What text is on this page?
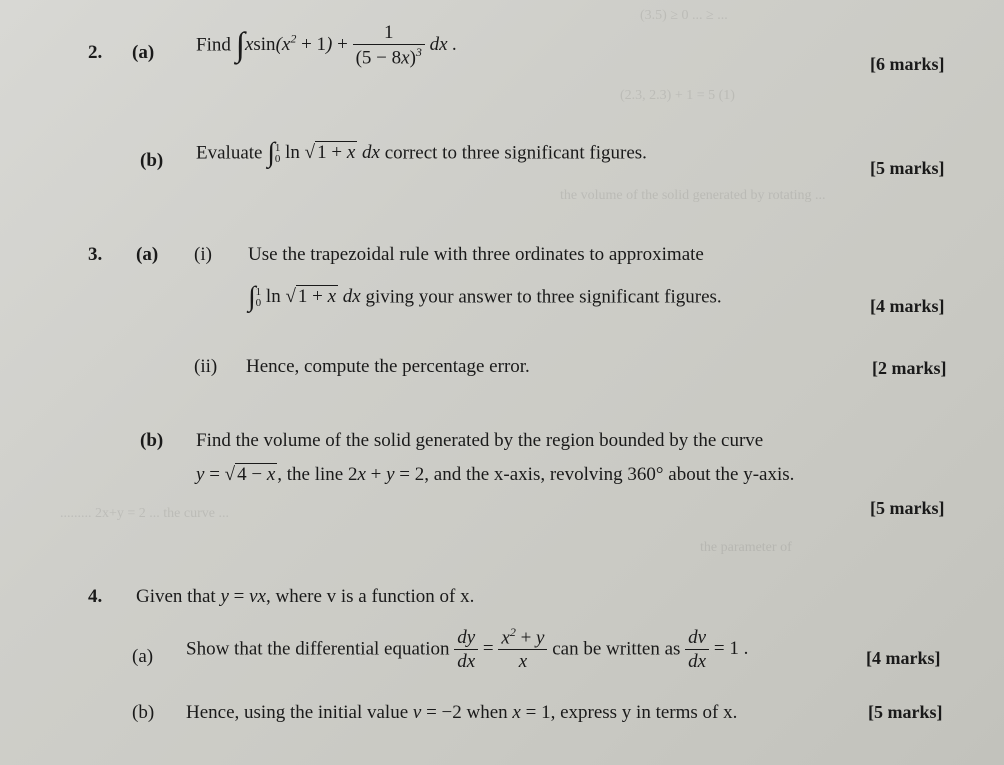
(3.5) ≥ 0 ... ≥ ...
(2.3, 2.3) + 1 = 5 (1)
the volume of the solid generated by rotating ...
......... 2x+y = 2 ... the curve ...
the parameter of
2. (a) Find $\int xsin(x^2 + 1) + \frac{1}{(5 - 8x)^3}$ dx .
[6 marks]
(b) Evaluate ∫ 1
0 ln √ 1 + x dx correct to three significant figures.
[5 marks]
3. (a) (i) Use the trapezoidal rule with three ordinates to approximate
∫ 1
0 ln √ 1 + x dx giving your answer to three significant figures.	[4 marks]
(ii) Hence, compute the percentage error.	[2 marks]
(b) Find the volume of the solid generated by the region bounded by the curve
y = √ 4 − x , the line 2x + y = 2, and the x-axis, revolving 360° about the y-axis.
[5 marks]
4. Given that y = vx, where v is a function of x.
(a) Show that the differential equation $\frac{dy}{dx} = \frac{x^2 + y}{x}$ can be written as $\frac{dv}{dx} = 1$ .	[4 marks]
(b) Hence, using the initial value v = −2 when x = 1, express y in terms of x.	[5 marks]
